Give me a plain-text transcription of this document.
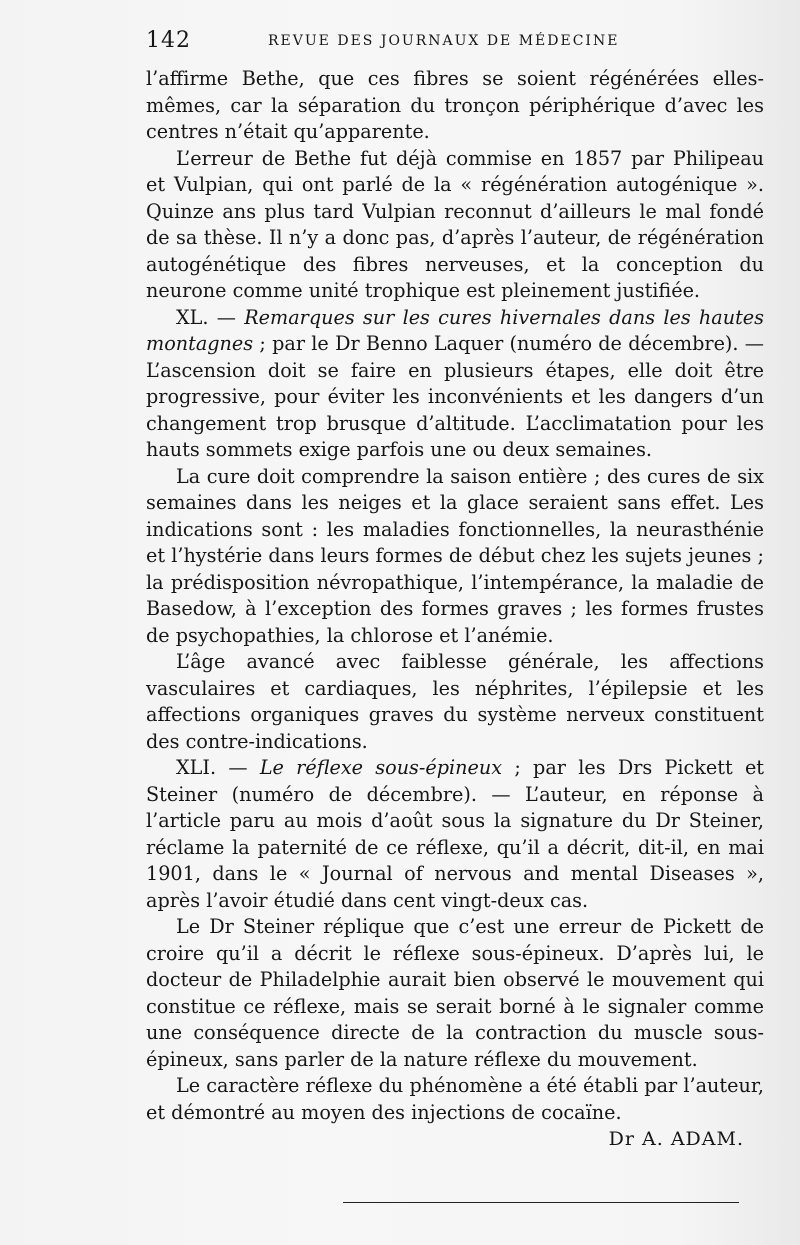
142	REVUE DES JOURNAUX DE MÉDECINE

l’affirme Bethe, que ces fibres se soient régénérées elles-mêmes, car la séparation du tronçon périphérique d’avec les centres n’était qu’apparente.

L’erreur de Bethe fut déjà commise en 1857 par Philipeau et Vulpian, qui ont parlé de la « régénération autogénique ». Quinze ans plus tard Vulpian reconnut d’ailleurs le mal fondé de sa thèse. Il n’y a donc pas, d’après l’auteur, de régénération autogénétique des fibres nerveuses, et la conception du neurone comme unité trophique est pleinement justifiée.

XL. — Remarques sur les cures hivernales dans les hautes montagnes ; par le Dr Benno Laquer (numéro de décembre). — L’ascension doit se faire en plusieurs étapes, elle doit être progressive, pour éviter les inconvénients et les dangers d’un changement trop brusque d’altitude. L’acclimatation pour les hauts sommets exige parfois une ou deux semaines.

La cure doit comprendre la saison entière ; des cures de six semaines dans les neiges et la glace seraient sans effet. Les indications sont : les maladies fonctionnelles, la neurasthénie et l’hystérie dans leurs formes de début chez les sujets jeunes ; la prédisposition névropathique, l’intempérance, la maladie de Basedow, à l’exception des formes graves ; les formes frustes de psychopathies, la chlorose et l’anémie.

L’âge avancé avec faiblesse générale, les affections vasculaires et cardiaques, les néphrites, l’épilepsie et les affections organiques graves du système nerveux constituent des contre-indications.

XLI. — Le réflexe sous-épineux ; par les Drs Pickett et Steiner (numéro de décembre). — L’auteur, en réponse à l’article paru au mois d’août sous la signature du Dr Steiner, réclame la paternité de ce réflexe, qu’il a décrit, dit-il, en mai 1901, dans le « Journal of nervous and mental Diseases », après l’avoir étudié dans cent vingt-deux cas.

Le Dr Steiner réplique que c’est une erreur de Pickett de croire qu’il a décrit le réflexe sous-épineux. D’après lui, le docteur de Philadelphie aurait bien observé le mouvement qui constitue ce réflexe, mais se serait borné à le signaler comme une conséquence directe de la contraction du muscle sous-épineux, sans parler de la nature réflexe du mouvement.

Le caractère réflexe du phénomène a été établi par l’auteur, et démontré au moyen des injections de cocaïne.

Dr A. ADAM.
